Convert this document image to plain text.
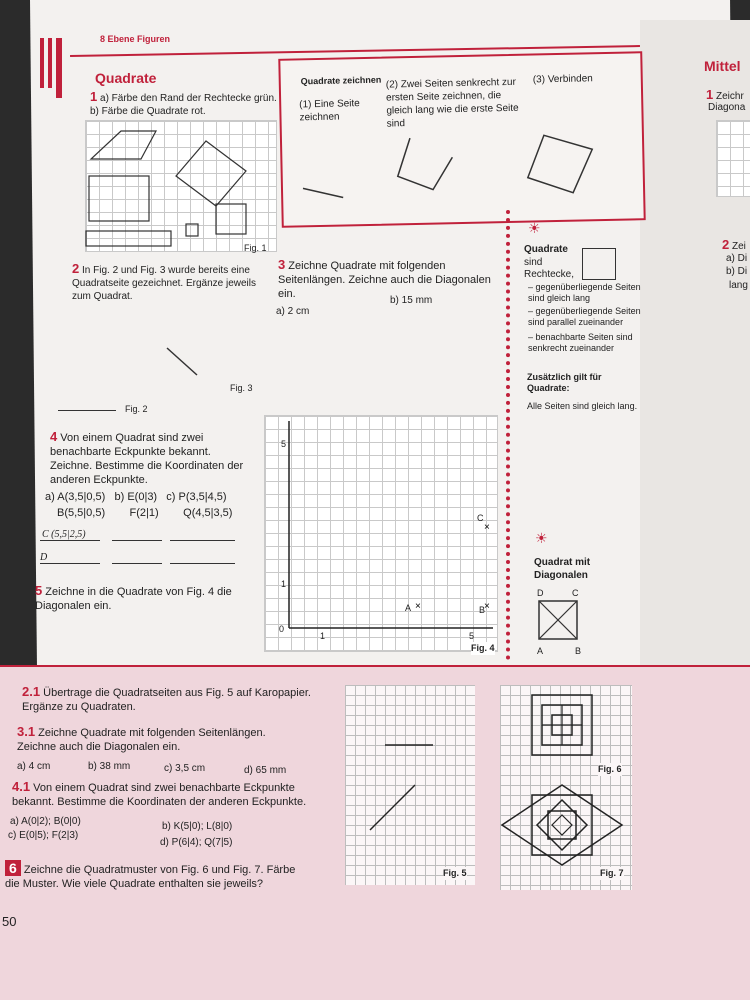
8 Ebene Figuren
Mittel
Quadrate
1 a) Färbe den Rand der Rechtecke grün.
b) Färbe die Quadrate rot.
Fig. 1
Quadrate zeichnen
(1) Eine Seite zeichnen
(2) Zwei Seiten senkrecht zur ersten Seite zeichnen, die gleich lang wie die erste Seite sind
(3) Verbinden
2 In Fig. 2 und Fig. 3 wurde bereits eine Quadratseite gezeichnet. Ergänze jeweils zum Quadrat.
Fig. 3
Fig. 2
3 Zeichne Quadrate mit folgenden Seitenlängen. Zeichne auch die Diagonalen ein.
a) 2 cm
b) 15 mm
☀
Quadrate
sind
Rechtecke,
– gegenüberliegende Seiten sind gleich lang
– gegenüberliegende Seiten sind parallel zueinander
– benachbarte Seiten sind senkrecht zueinander
Zusätzlich gilt für Quadrate:
Alle Seiten sind gleich lang.
☀
Quadrat mit Diagonalen
D	C
A	B
4 Von einem Quadrat sind zwei benachbarte Eckpunkte bekannt. Zeichne. Bestimme die Koordinaten der anderen Eckpunkte.
a) A(3,5|0,5)   b) E(0|3)   c) P(3,5|4,5)
B(5,5|0,5)        F(2|1)        Q(4,5|3,5)
C (5,5|2,5)
D
5 Zeichne in die Quadrate von Fig. 4 die Diagonalen ein.	×	×
×
5
1
0
1	5
A	B
C
Fig. 4
2.1 Übertrage die Quadratseiten aus Fig. 5 auf Karopapier. Ergänze zu Quadraten.
3.1 Zeichne Quadrate mit folgenden Seitenlängen. Zeichne auch die Diagonalen ein.
a) 4 cm	b) 38 mm	c) 3,5 cm	d) 65 mm
4.1 Von einem Quadrat sind zwei benachbarte Eckpunkte bekannt. Bestimme die Koordinaten der anderen Eckpunkte.
a) A(0|2); B(0|0)	b) K(5|0); L(8|0)
c) E(0|5); F(2|3)
d) P(6|4); Q(7|5)
6 Zeichne die Quadratmuster von Fig. 6 und Fig. 7. Färbe die Muster. Wie viele Quadrate enthalten sie jeweils?
Fig. 5
Fig. 6
Fig. 7
50
1 Zeichr
Diagona
2 Zei
a) Di
b) Di
lang
